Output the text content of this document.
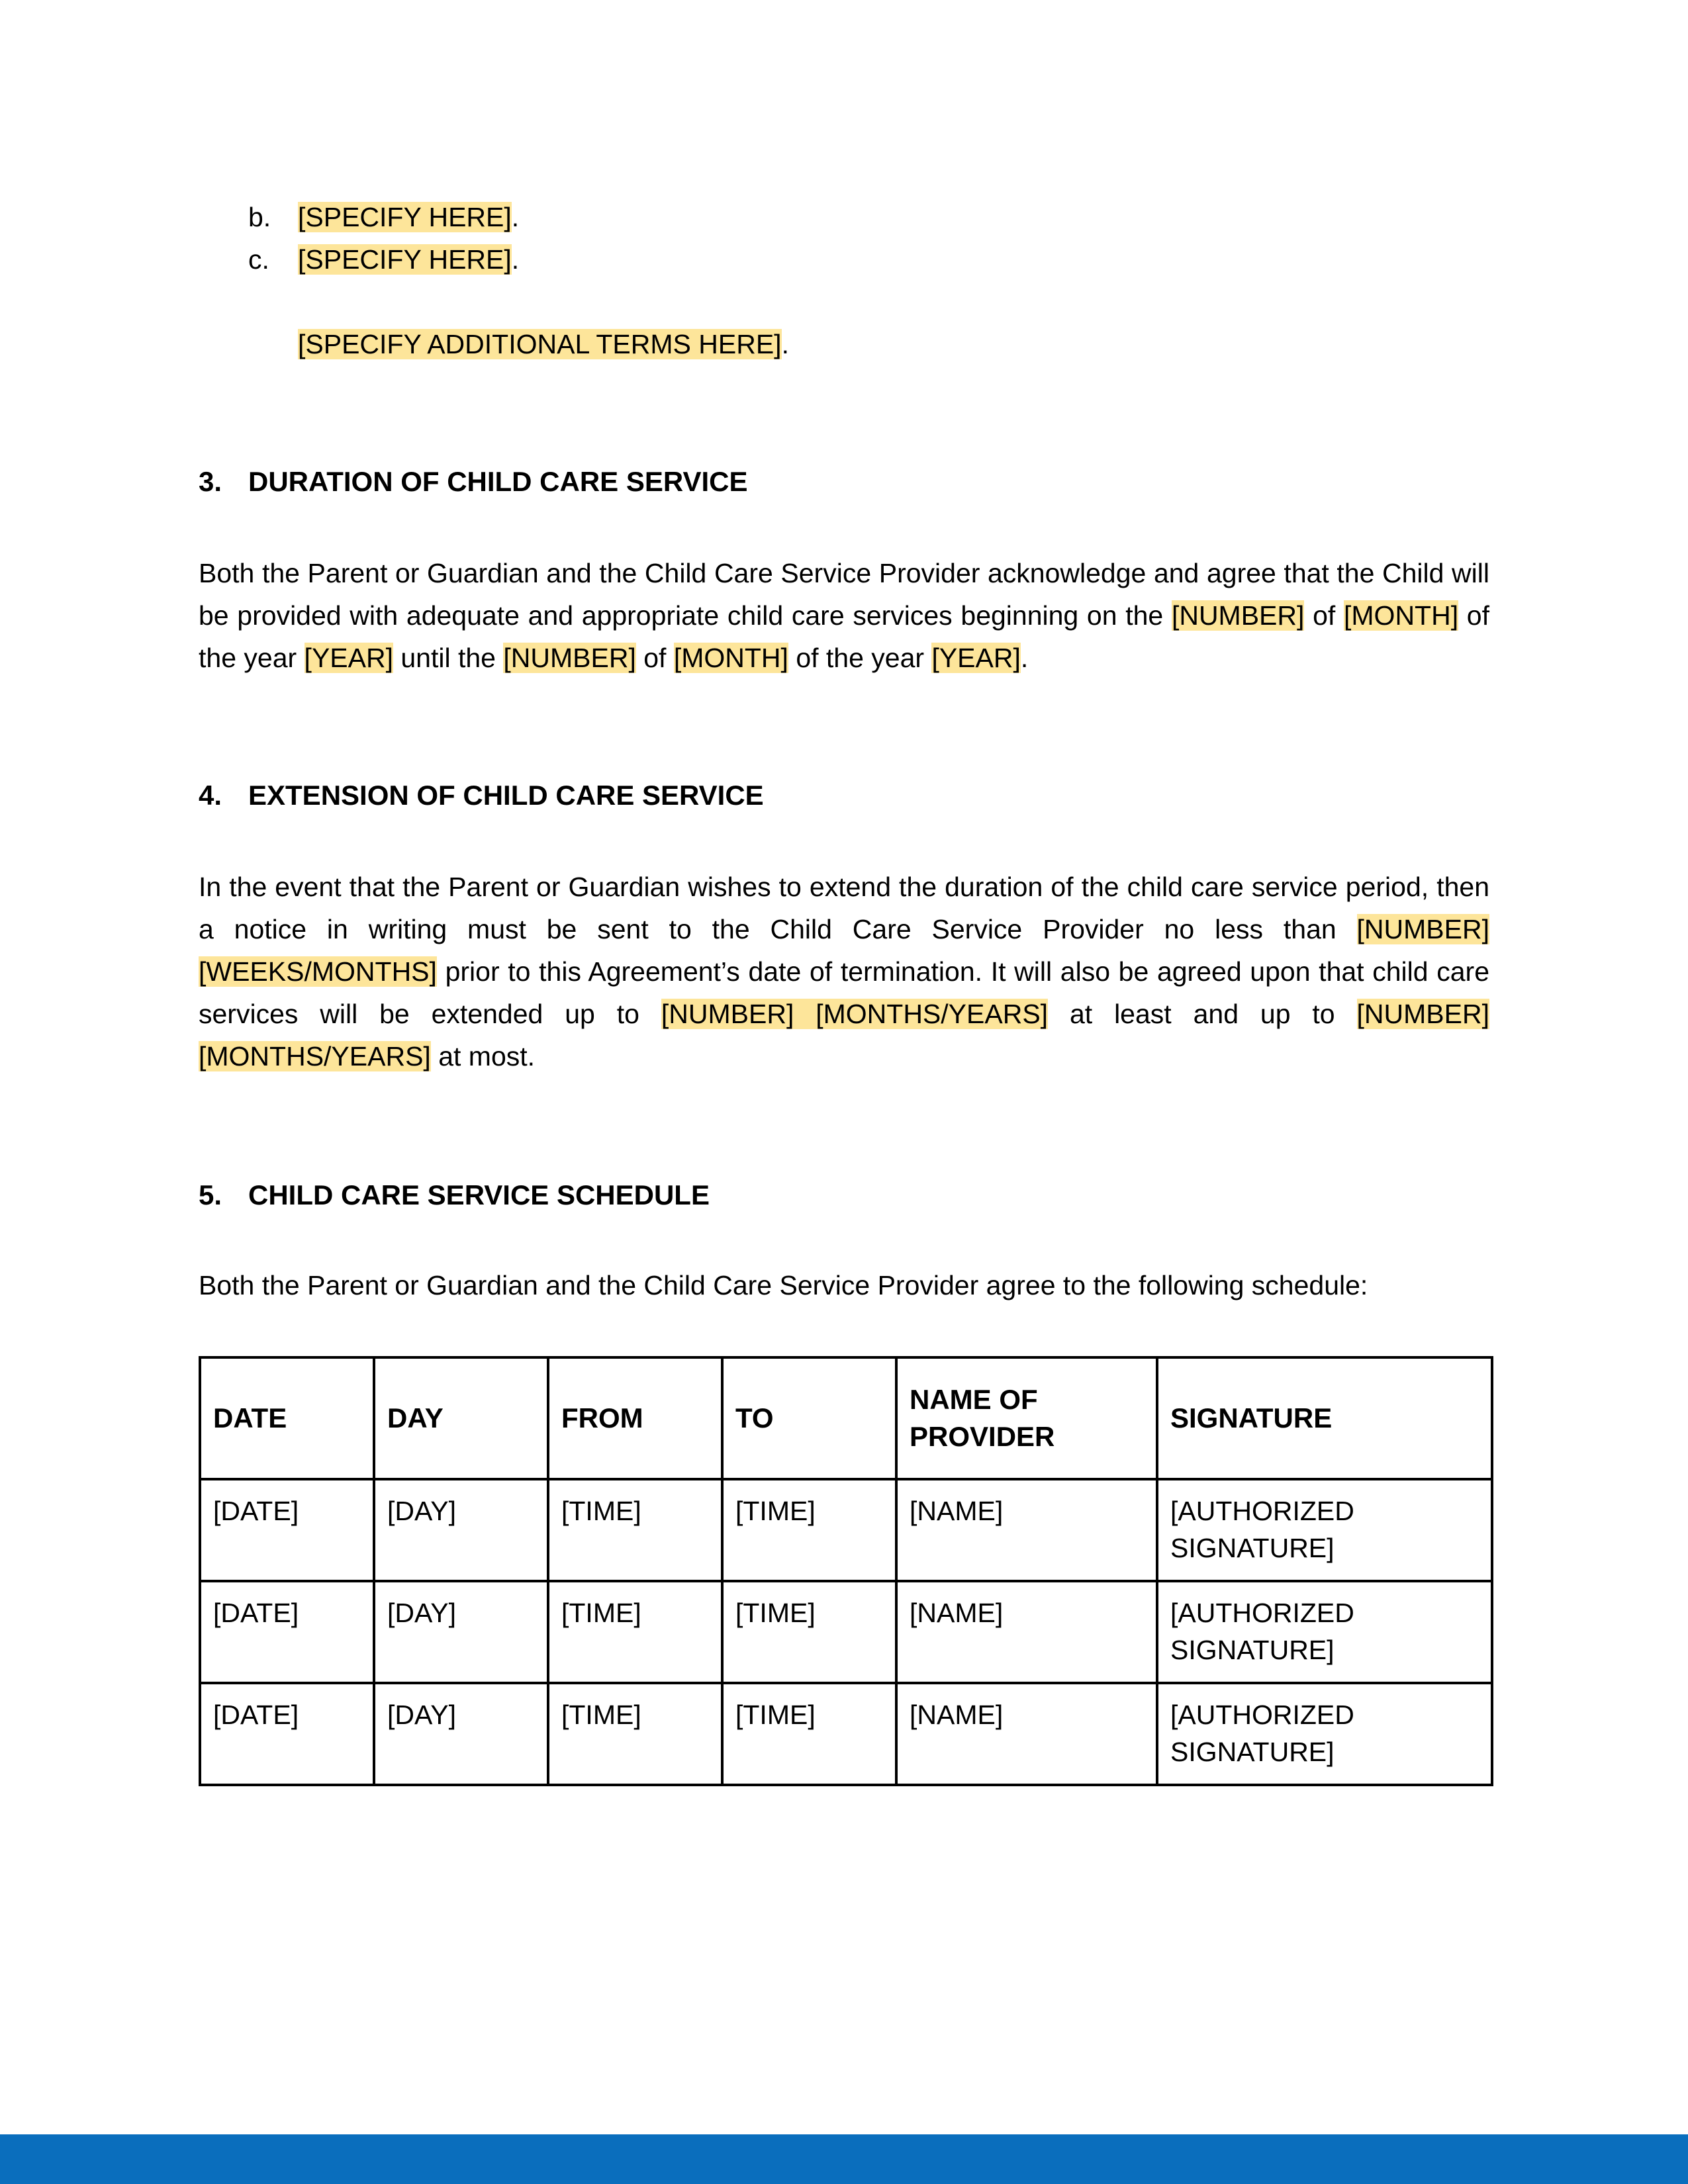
b. [SPECIFY HERE].
c. [SPECIFY HERE].
[SPECIFY ADDITIONAL TERMS HERE].
3. DURATION OF CHILD CARE SERVICE

Both the Parent or Guardian and the Child Care Service Provider acknowledge and agree that the Child will be provided with adequate and appropriate child care services beginning on the [NUMBER] of [MONTH] of the year [YEAR] until the [NUMBER] of [MONTH] of the year [YEAR].

4. EXTENSION OF CHILD CARE SERVICE

In the event that the Parent or Guardian wishes to extend the duration of the child care service period, then a notice in writing must be sent to the Child Care Service Provider no less than [NUMBER] [WEEKS/MONTHS] prior to this Agreement’s date of termination. It will also be agreed upon that child care services will be extended up to [NUMBER] [MONTHS/YEARS] at least and up to [NUMBER] [MONTHS/YEARS] at most.

5. CHILD CARE SERVICE SCHEDULE
Both the Parent or Guardian and the Child Care Service Provider agree to the following schedule:
DATE	DAY	FROM	TO	NAME OF PROVIDER	SIGNATURE
[DATE]	[DAY]	[TIME]	[TIME]	[NAME]	[AUTHORIZED SIGNATURE]
[DATE]	[DAY]	[TIME]	[TIME]	[NAME]	[AUTHORIZED SIGNATURE]
[DATE]	[DAY]	[TIME]	[TIME]	[NAME]	[AUTHORIZED SIGNATURE]
